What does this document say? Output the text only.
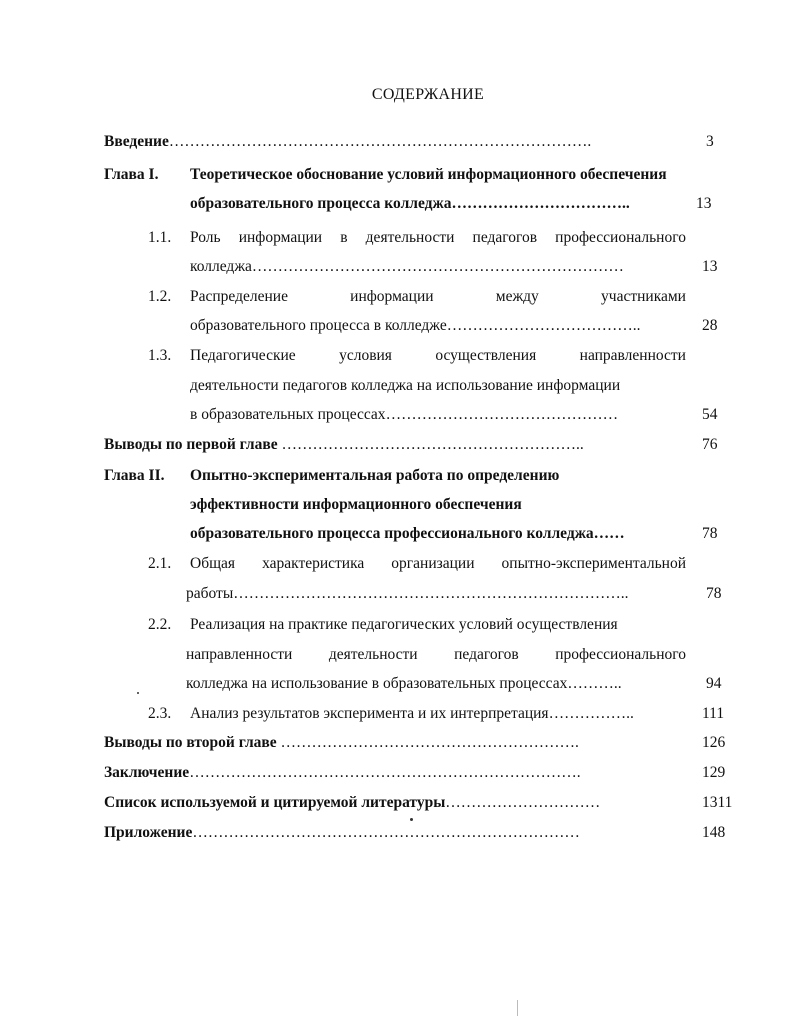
СОДЕРЖАНИЕ
Введение……………………………………………………………………….	3
Глава I. Теоретическое обоснование условий информационного обеспечения
образовательного процесса колледжа……………………………..	13
1.1. Роль информации в деятельности педагогов профессионального
колледжа………………………………………………………………	13
1.2. Распределение	информации	между	участниками
образовательного процесса в колледже………………………………..	28
1.3. Педагогические	условия	осуществления	направленности
деятельности педагогов колледжа на использование информации
в образовательных процессах………………………………………	54
Выводы по первой главе …………………………………………………..	76
Глава II. Опытно-экспериментальная работа по определению
эффективности информационного обеспечения
образовательного процесса профессионального колледжа……	78
2.1. Общая характеристика организации опытно-экспериментальной
работы…………………………………………………………………..	78
2.2. Реализация на практике педагогических условий осуществления
направленности деятельности педагогов профессионального
колледжа на использование в образовательных процессах………..	94
2.3. Анализ результатов эксперимента и их интерпретация……………..	111
Выводы по второй главе ………………………………………………….	126
Заключение………………………………………………………………….	129
Список используемой и цитируемой литературы…………………………	1311
Приложение…………………………………………………………………	148
